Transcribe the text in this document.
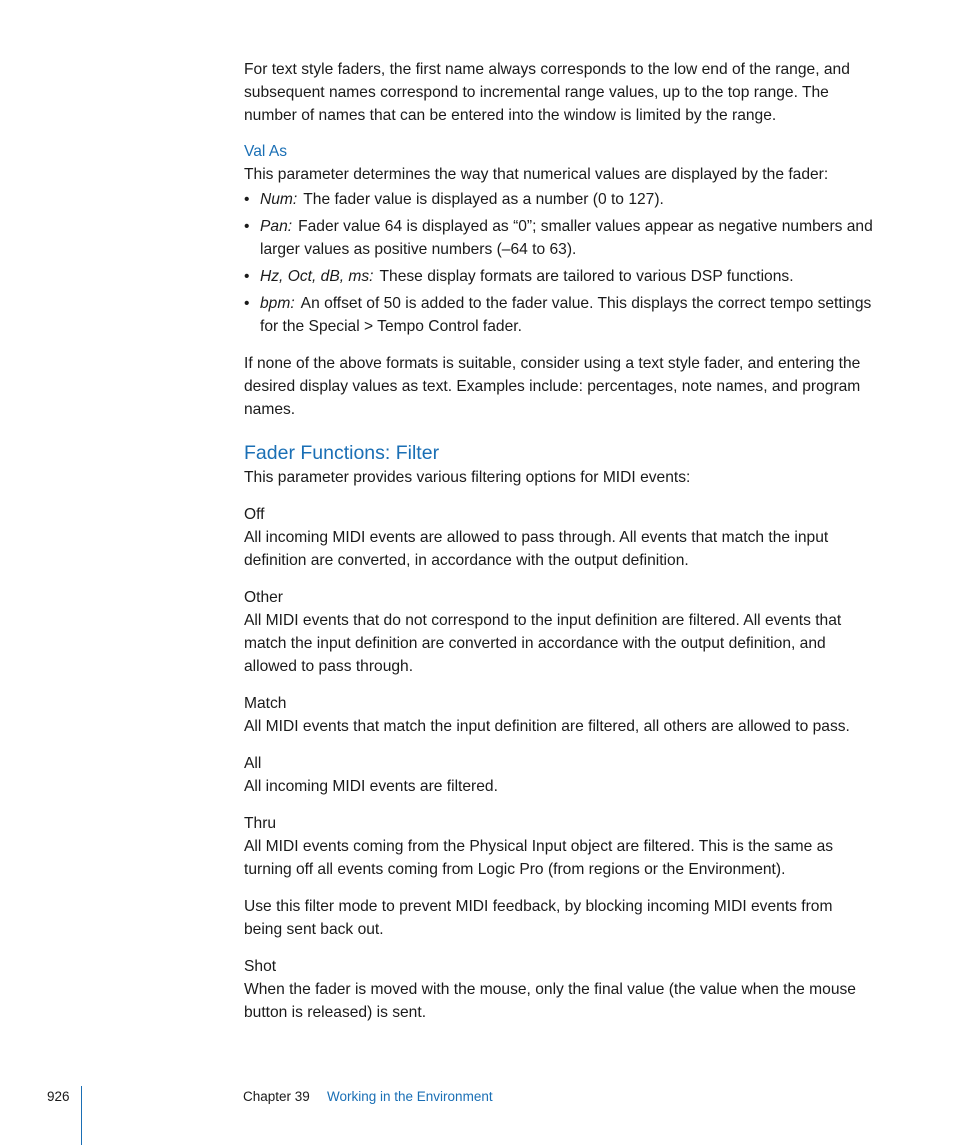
For text style faders, the first name always corresponds to the low end of the range, and subsequent names correspond to incremental range values, up to the top range. The number of names that can be entered into the window is limited by the range.

Val As

This parameter determines the way that numerical values are displayed by the fader:

• Num: The fader value is displayed as a number (0 to 127).
• Pan: Fader value 64 is displayed as “0”; smaller values appear as negative numbers and larger values as positive numbers (–64 to 63).
• Hz, Oct, dB, ms: These display formats are tailored to various DSP functions.
• bpm: An offset of 50 is added to the fader value. This displays the correct tempo settings for the Special > Tempo Control fader.

If none of the above formats is suitable, consider using a text style fader, and entering the desired display values as text. Examples include: percentages, note names, and program names.

Fader Functions: Filter

This parameter provides various filtering options for MIDI events:

Off

All incoming MIDI events are allowed to pass through. All events that match the input definition are converted, in accordance with the output definition.

Other

All MIDI events that do not correspond to the input definition are filtered. All events that match the input definition are converted in accordance with the output definition, and allowed to pass through.

Match

All MIDI events that match the input definition are filtered, all others are allowed to pass.

All

All incoming MIDI events are filtered.

Thru

All MIDI events coming from the Physical Input object are filtered. This is the same as turning off all events coming from Logic Pro (from regions or the Environment).

Use this filter mode to prevent MIDI feedback, by blocking incoming MIDI events from being sent back out.

Shot

When the fader is moved with the mouse, only the final value (the value when the mouse button is released) is sent.

926	Chapter 39 Working in the Environment
